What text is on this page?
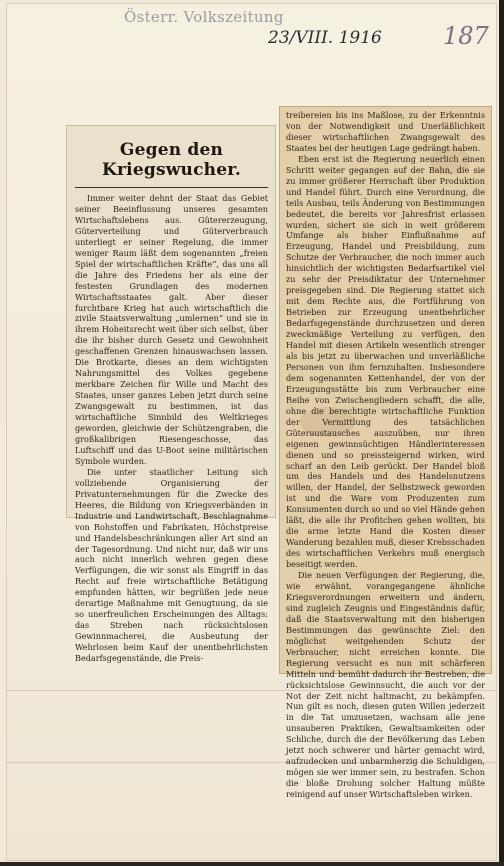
Österr. Volkszeitung
23/VIII. 1916	187
Gegen den Kriegswucher.

Immer weiter dehnt der Staat das Gebiet seiner Beeinflussung unseres gesamten Wirtschaftslebens aus. Gütererzeugung, Güterverteilung und Güterverbrauch unterliegt er seiner Regelung, die immer weniger Raum läßt dem sogenannten „freien Spiel der wirtschaftlichen Kräfte“, das uns all die Jahre des Friedens her als eine der festesten Grundlagen des modernen Wirtschaftsstaates galt. Aber dieser furchtbare Krieg hat auch wirtschaftlich die zivile Staatsverwaltung „umlernen“ und sie in ihrem Hoheitsrecht weit über sich selbst, über die ihr bisher durch Gesetz und Gewohnheit geschaffenen Grenzen hinauswachsen lassen. Die Brotkarte, dieses an dem wichtigsten Nahrungsmittel des Volkes gegebene merkbare Zeichen für Wille und Macht des Staates, unser ganzes Leben jetzt durch seine Zwangsgewalt zu bestimmen, ist das wirtschaftliche Sinnbild des Weltkrieges geworden, gleichwie der Schützengraben, die großkalibrigen Riesengeschosse, das Luftschiff und das U-Boot seine militärischen Symbole wurden.

Die unter staatlicher Leitung sich vollziehende Organisierung der Privatunternehmungen für die Zwecke des Heeres, die Bildung von Kriegsverbänden in Industrie und Landwirtschaft, Beschlagnahme von Rohstoffen und Fabrikaten, Höchstpreise und Handelsbeschränkungen aller Art sind an der Tagesordnung. Und nicht nur, daß wir uns auch nicht innerlich wehren gegen diese Verfügungen, die wir sonst als Eingriff in das Recht auf freie wirtschaftliche Betätigung empfunden hätten, wir begrüßen jede neue derartige Maßnahme mit Genugtuung, da sie so unerfreulichen Erscheinungen des Alltags: das Streben nach rücksichtslosen Gewinnmacherei, die Ausbeutung der Wehrlosen beim Kauf der unentbehrlichsten Bedarfsgegenstände, die Preis-

treibereien bis ins Maßlose, zu der Erkenntnis von der Notwendigkeit und Unerläßlichkeit dieser wirtschaftlichen Zwangsgewalt des Staates bei der heutigen Lage gedrängt haben.

Eben erst ist die Regierung neuerlich einen Schritt weiter gegangen auf der Bahn, die sie zu immer größerer Herrschaft über Produktion und Handel führt. Durch eine Verordnung, die teils Ausbau, teils Änderung von Bestimmungen bedeutet, die bereits vor Jahresfrist erlassen wurden, sichert sie sich in weit größerem Umfange als bisher Einflußnahme auf Erzeugung, Handel und Preisbildung, zum Schutze der Verbraucher, die noch immer auch hinsichtlich der wichtigsten Bedarfsartikel viel zu sehr der Preisdiktatur der Unternehmer preisgegeben sind. Die Regierung stattet sich mit dem Rechte aus, die Fortführung von Betrieben zur Erzeugung unentbehrlicher Bedarfsgegenstände durchzusetzen und deren zweckmäßige Verteilung zu verfügen, den Handel mit diesen Artikeln wesentlich strenger als bis jetzt zu überwachen und unverläßliche Personen von ihm fernzuhalten. Insbesondere dem sogenannten Kettenhandel, der von der Erzeugungsstätte bis zum Verbraucher eine Reihe von Zwischengliedern schafft, die alle, ohne die berechtigte wirtschaftliche Funktion der Vermittlung des tatsächlichen Güteraustausches auszuüben, nur ihren eigenen gewinnsüchtigen Händlerinteressen dienen und so preissteigernd wirken, wird scharf an den Leib gerückt. Der Handel bloß um des Handels und des Handelsnutzens willen, der Handel, der Selbstzweck geworden ist und die Ware vom Produzenten zum Konsumenten durch so und so viel Hände gehen läßt, die alle ihr Profitchen gehen wollten, bis die arme letzte Hand die Kosten dieser Wanderung bezahlen muß, dieser Krebsschaden des wirtschaftlichen Verkehrs muß energisch beseitigt werden.

Die neuen Verfügungen der Regierung, die, wie erwähnt, vorangegangene ähnliche Kriegsverordnungen erweitern und ändern, sind zugleich Zeugnis und Eingeständnis dafür, daß die Staatsverwaltung mit den bisherigen Bestimmungen das gewünschte Ziel: den möglichst weitgehenden Schutz der Verbraucher, nicht erreichen konnte. Die Regierung versucht es nun mit schärferen Mitteln und bemüht dadurch ihr Bestreben, die rücksichtslose Gewinnsucht, die auch vor der Not der Zeit nicht haltmacht, zu bekämpfen. Nun gilt es noch, diesen guten Willen jederzeit in die Tat umzusetzen, wachsam alle jene unsauberen Praktiken, Gewaltsamkeiten oder Schliche, durch die der Bevölkerung das Leben jetzt noch schwerer und härter gemacht wird, aufzudecken und unbarmherzig die Schuldigen, mögen sie wer immer sein, zu bestrafen. Schon die bloße Drohung solcher Haltung müßte reinigend auf unser Wirtschaftsleben wirken.
